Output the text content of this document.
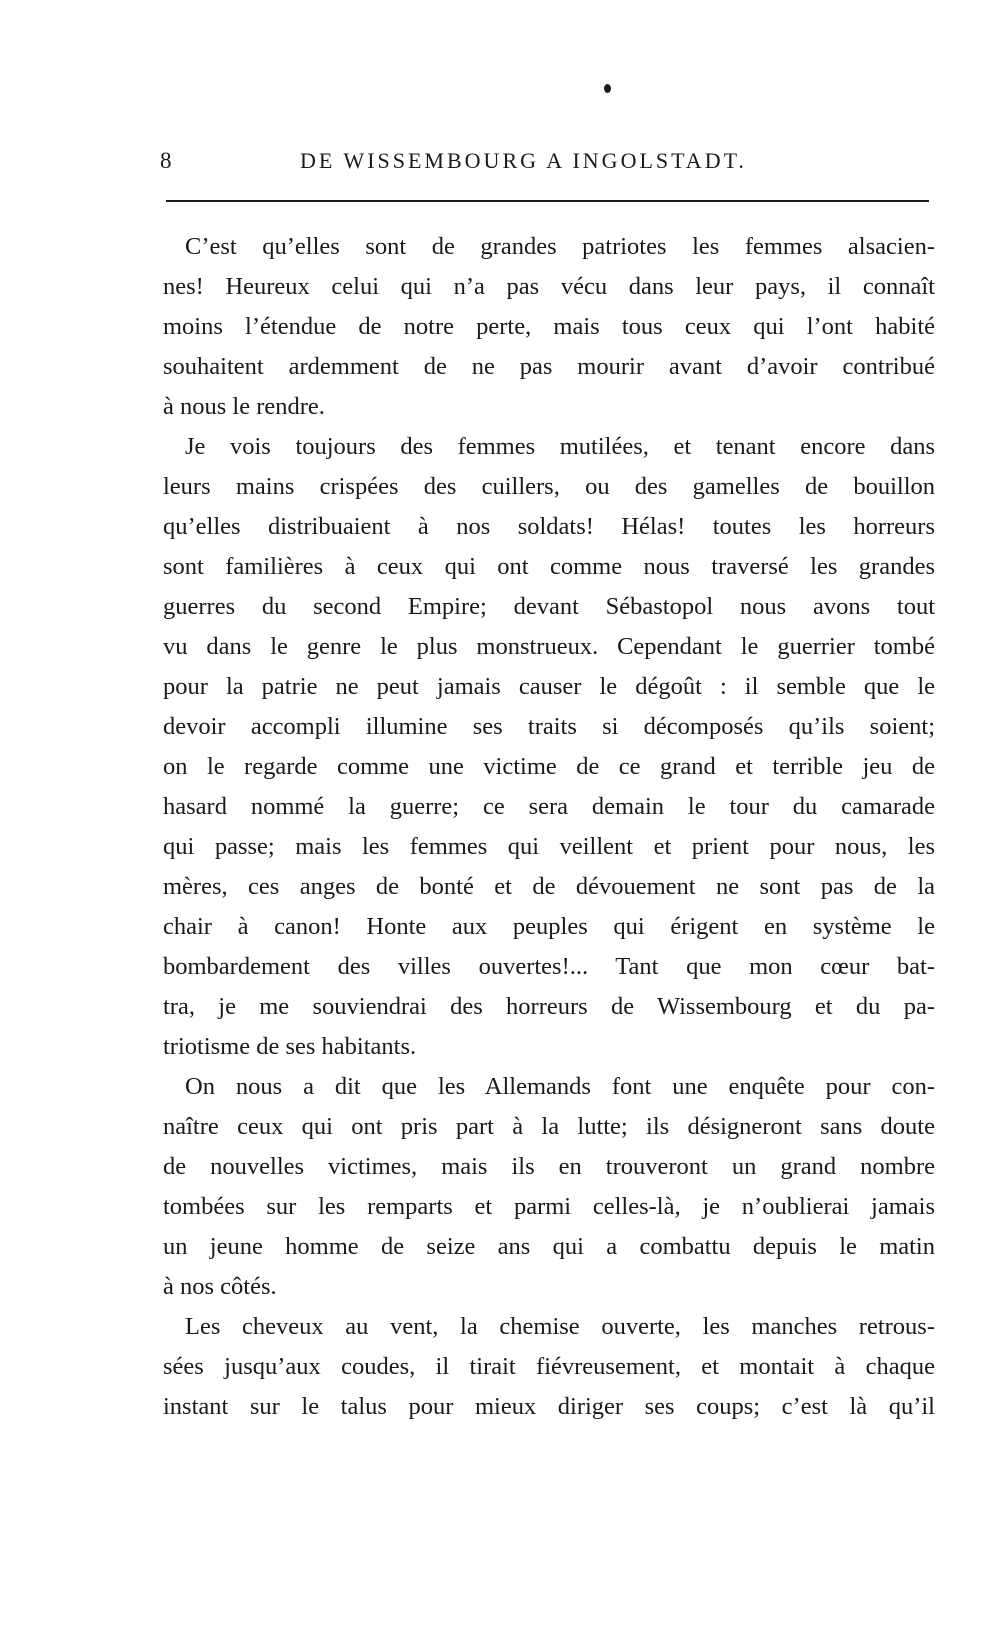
8	DE WISSEMBOURG A INGOLSTADT.
C’est qu’elles sont de grandes patriotes les femmes alsacien-
nes! Heureux celui qui n’a pas vécu dans leur pays, il connaît
moins l’étendue de notre perte, mais tous ceux qui l’ont habité
souhaitent ardemment de ne pas mourir avant d’avoir contribué
à nous le rendre.
Je vois toujours des femmes mutilées, et tenant encore dans
leurs mains crispées des cuillers, ou des gamelles de bouillon
qu’elles distribuaient à nos soldats! Hélas! toutes les horreurs
sont familières à ceux qui ont comme nous traversé les grandes
guerres du second Empire; devant Sébastopol nous avons tout
vu dans le genre le plus monstrueux. Cependant le guerrier tombé
pour la patrie ne peut jamais causer le dégoût : il semble que le
devoir accompli illumine ses traits si décomposés qu’ils soient;
on le regarde comme une victime de ce grand et terrible jeu de
hasard nommé la guerre; ce sera demain le tour du camarade
qui passe; mais les femmes qui veillent et prient pour nous, les
mères, ces anges de bonté et de dévouement ne sont pas de la
chair à canon! Honte aux peuples qui érigent en système le
bombardement des villes ouvertes!... Tant que mon cœur bat-
tra, je me souviendrai des horreurs de Wissembourg et du pa-
triotisme de ses habitants.
On nous a dit que les Allemands font une enquête pour con-
naître ceux qui ont pris part à la lutte; ils désigneront sans doute
de nouvelles victimes, mais ils en trouveront un grand nombre
tombées sur les remparts et parmi celles-là, je n’oublierai jamais
un jeune homme de seize ans qui a combattu depuis le matin
à nos côtés.
Les cheveux au vent, la chemise ouverte, les manches retrous-
sées jusqu’aux coudes, il tirait fiévreusement, et montait à chaque
instant sur le talus pour mieux diriger ses coups; c’est là qu’il
